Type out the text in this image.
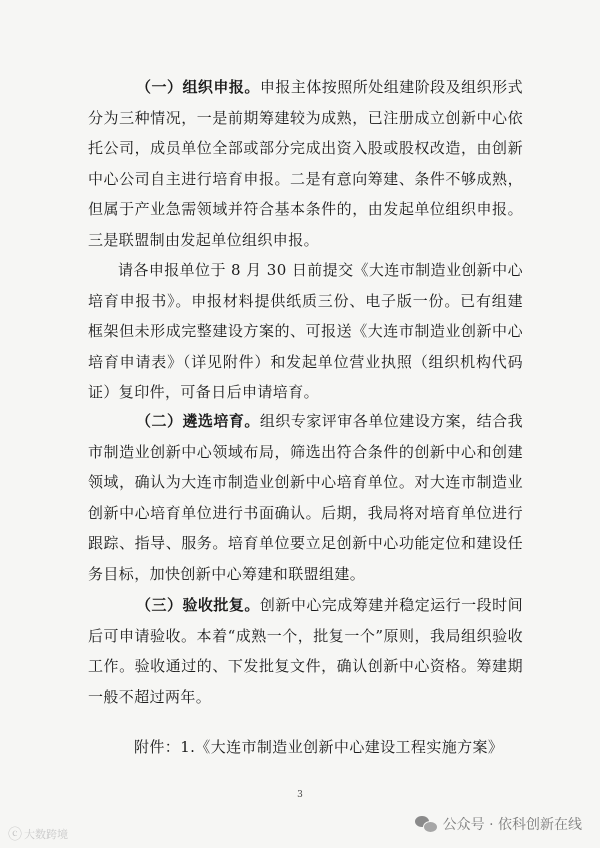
（一）组织申报。申报主体按照所处组建阶段及组织形式分为三种情况，一是前期筹建较为成熟，已注册成立创新中心依托公司，成员单位全部或部分完成出资入股或股权改造，由创新中心公司自主进行培育申报。二是有意向筹建、条件不够成熟，但属于产业急需领域并符合基本条件的，由发起单位组织申报。三是联盟制由发起单位组织申报。

请各申报单位于 8 月 30 日前提交《大连市制造业创新中心培育申报书》。申报材料提供纸质三份、电子版一份。已有组建框架但未形成完整建设方案的、可报送《大连市制造业创新中心培育申请表》（详见附件）和发起单位营业执照（组织机构代码证）复印件，可备日后申请培育。

（二）遴选培育。组织专家评审各单位建设方案，结合我市制造业创新中心领域布局，筛选出符合条件的创新中心和创建领域，确认为大连市制造业创新中心培育单位。对大连市制造业创新中心培育单位进行书面确认。后期，我局将对培育单位进行跟踪、指导、服务。培育单位要立足创新中心功能定位和建设任务目标，加快创新中心筹建和联盟组建。

（三）验收批复。创新中心完成筹建并稳定运行一段时间后可申请验收。本着“成熟一个，批复一个”原则，我局组织验收工作。验收通过的、下发批复文件，确认创新中心资格。筹建期一般不超过两年。

附件：1.《大连市制造业创新中心建设工程实施方案》

3
ⓒ 大数跨境
公众号 · 依科创新在线
